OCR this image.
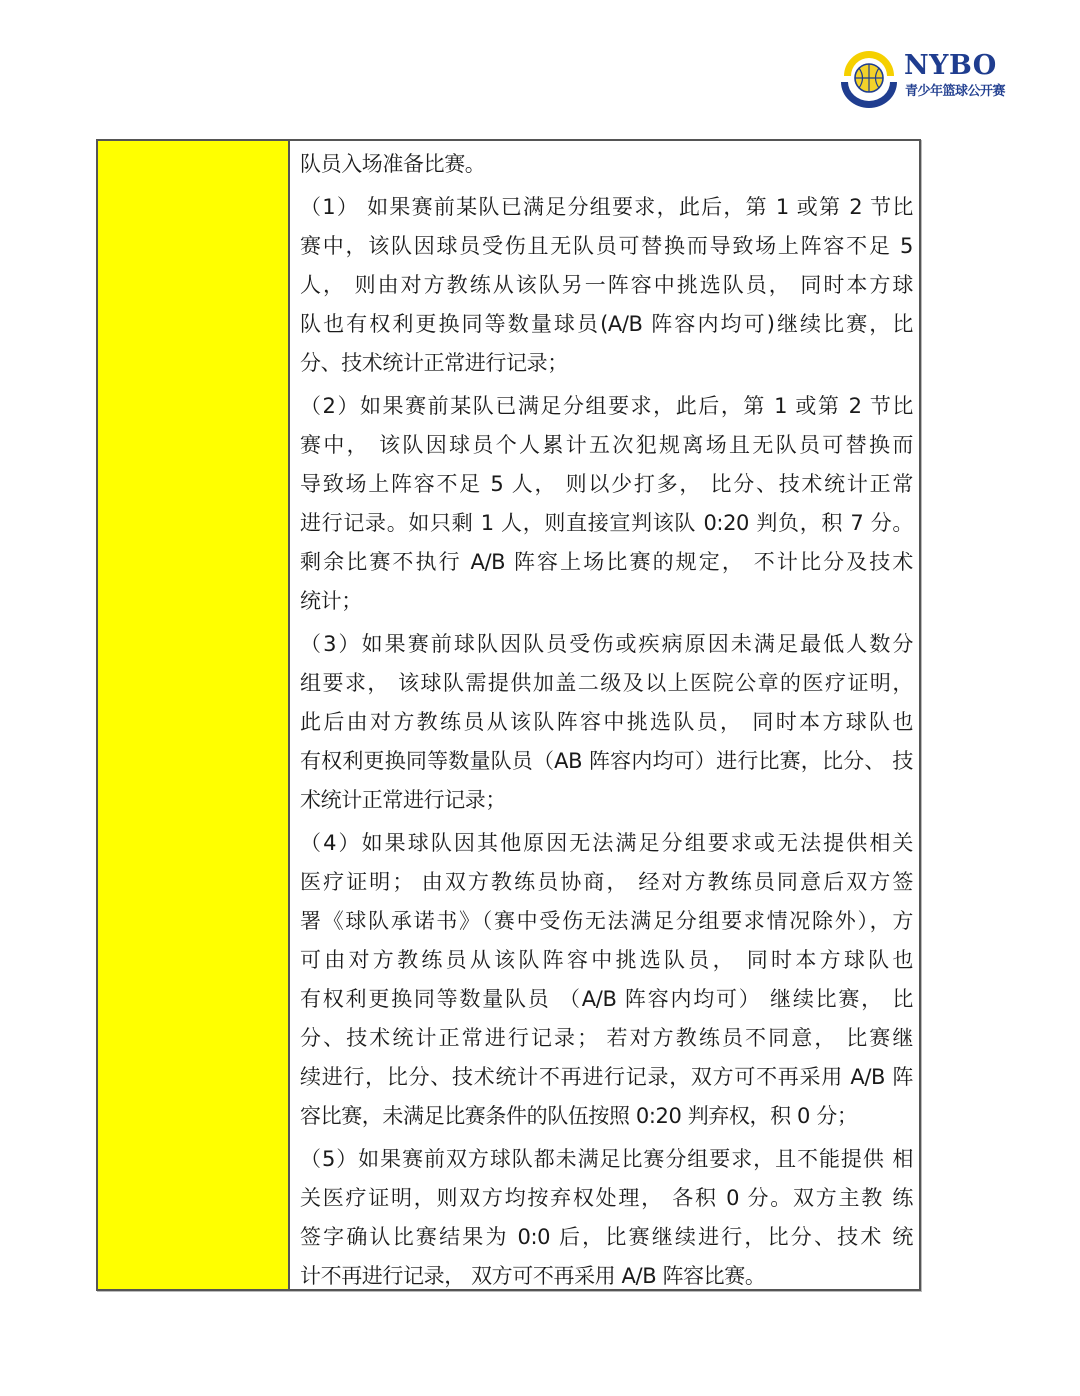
NYBO
青少年篮球公开赛
队员入场准备比赛。
（1） 如果赛前某队已满足分组要求，此后，第 1 或第 2 节比
赛中，该队因球员受伤且无队员可替换而导致场上阵容不足 5
人， 则由对方教练从该队另一阵容中挑选队员， 同时本方球
队也有权利更换同等数量球员(A/B 阵容内均可)继续比赛，比
分、技术统计正常进行记录；
（2）如果赛前某队已满足分组要求，此后，第 1 或第 2 节比
赛中， 该队因球员个人累计五次犯规离场且无队员可替换而
导致场上阵容不足 5 人， 则以少打多， 比分、技术统计正常
进行记录。如只剩 1 人，则直接宣判该队 0:20 判负，积 7 分。
剩余比赛不执行 A/B 阵容上场比赛的规定， 不计比分及技术
统计；
（3）如果赛前球队因队员受伤或疾病原因未满足最低人数分
组要求， 该球队需提供加盖二级及以上医院公章的医疗证明，
此后由对方教练员从该队阵容中挑选队员， 同时本方球队也
有权利更换同等数量队员（AB 阵容内均可）进行比赛，比分、 技
术统计正常进行记录；
（4）如果球队因其他原因无法满足分组要求或无法提供相关
医疗证明； 由双方教练员协商， 经对方教练员同意后双方签
署《球队承诺书》（赛中受伤无法满足分组要求情况除外），方
可由对方教练员从该队阵容中挑选队员， 同时本方球队也
有权利更换同等数量队员 （A/B 阵容内均可） 继续比赛， 比
分、技术统计正常进行记录； 若对方教练员不同意， 比赛继
续进行，比分、技术统计不再进行记录，双方可不再采用 A/B 阵
容比赛，未满足比赛条件的队伍按照 0:20 判弃权，积 0 分；
（5）如果赛前双方球队都未满足比赛分组要求，且不能提供 相
关医疗证明，则双方均按弃权处理， 各积 0 分。双方主教 练
签字确认比赛结果为 0:0 后，比赛继续进行，比分、技术 统
计不再进行记录， 双方可不再采用 A/B 阵容比赛。
